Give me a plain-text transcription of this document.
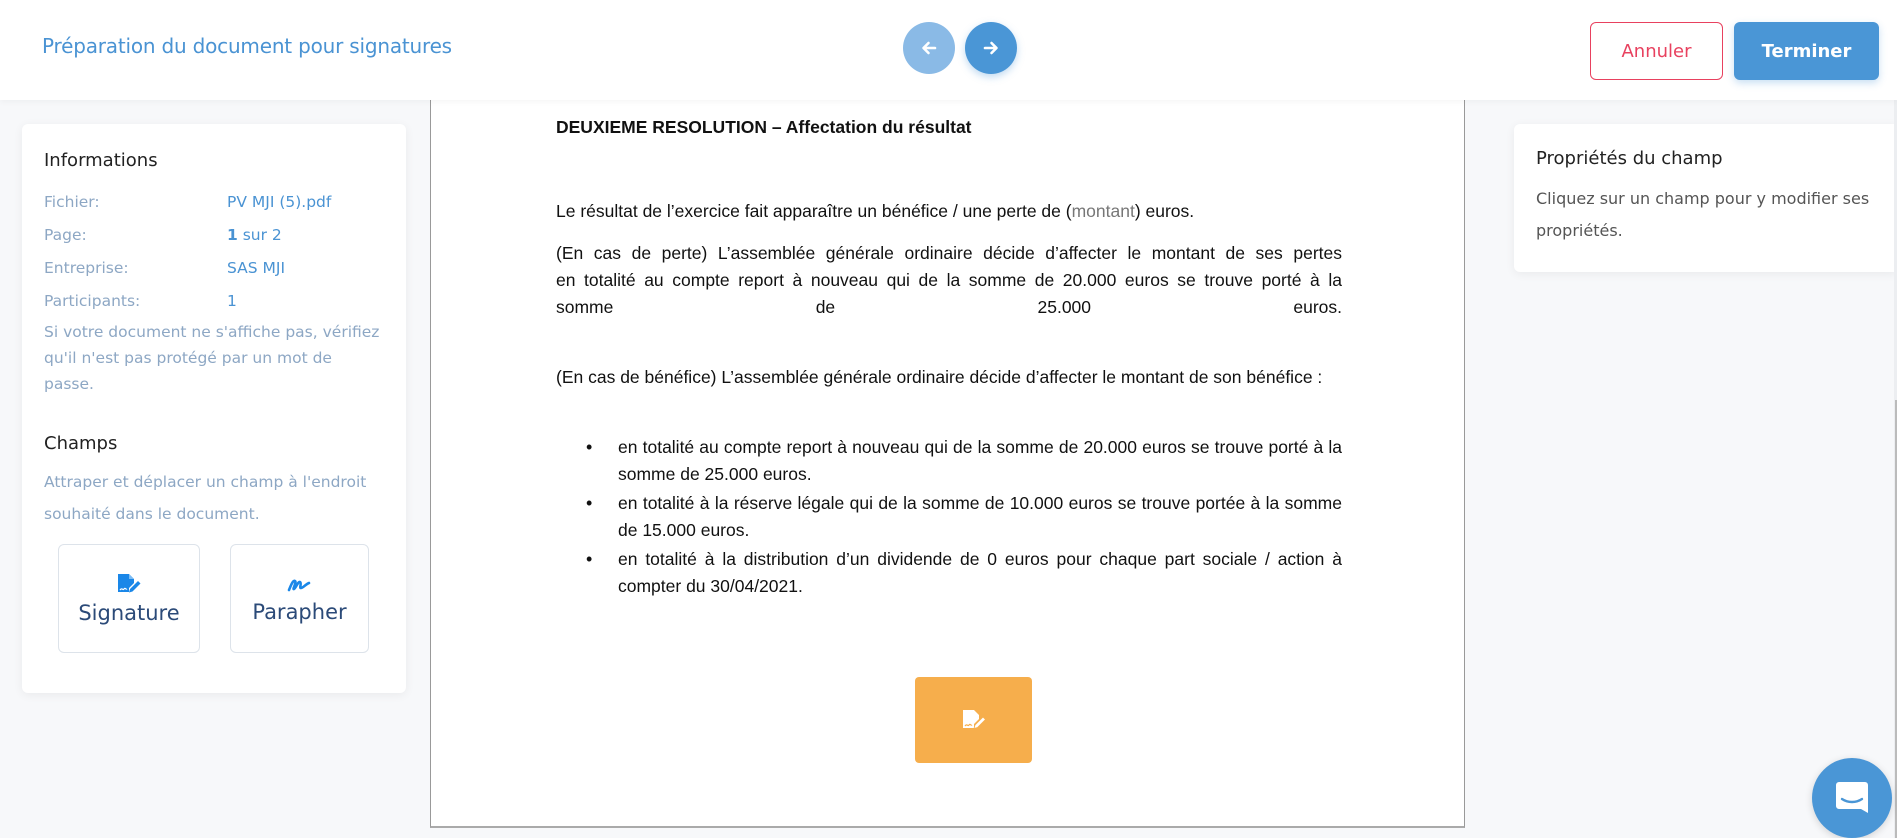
Préparation du document pour signatures	Annuler	Terminer
Informations
Fichier:	PV MJI (5).pdf
Page:	1 sur 2
Entreprise:	SAS MJI
Participants:	1
Si votre document ne s'affiche pas, vérifiez qu'il n'est pas protégé par un mot de passe.
Champs
Attraper et déplacer un champ à l'endroit souhaité dans le document.
Signature	Parapher
DEUXIEME RESOLUTION – Affectation du résultat
Le résultat de l’exercice fait apparaître un bénéfice / une perte de (montant) euros.
(En cas de perte) L’assemblée générale ordinaire décide d’affecter le montant de ses pertes
en totalité au compte report à nouveau qui de la somme de 20.000 euros se trouve porté à la
somme de 25.000 euros.
(En cas de bénéfice) L’assemblée générale ordinaire décide d’affecter le montant de son bénéfice :
• en totalité au compte report à nouveau qui de la somme de 20.000 euros se trouve porté à la somme de 25.000 euros.
• en totalité à la réserve légale qui de la somme de 10.000 euros se trouve portée à la somme de 15.000 euros.
• en totalité à la distribution d’un dividende de 0 euros pour chaque part sociale / action à compter du 30/04/2021.
Propriétés du champ
Cliquez sur un champ pour y modifier ses propriétés.
